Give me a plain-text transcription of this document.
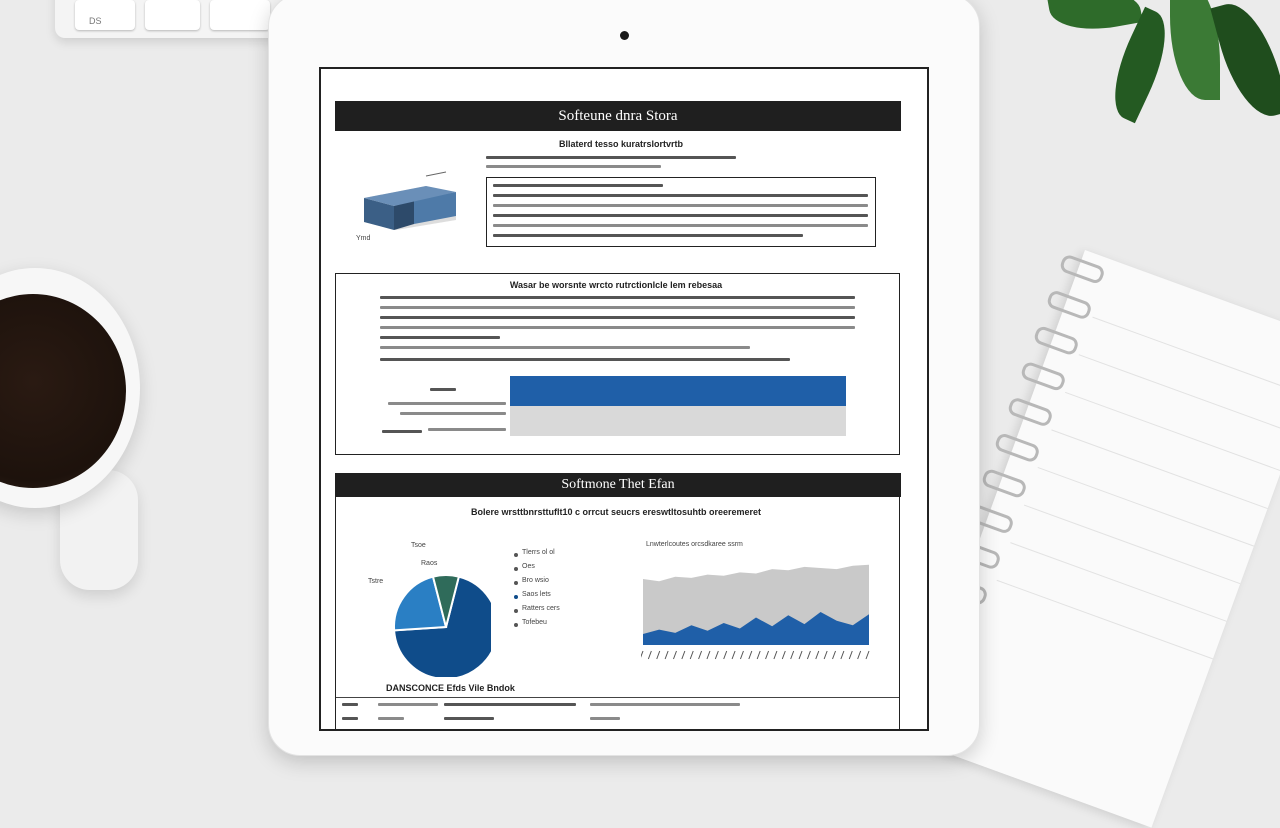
DS
Softeune dnra Stora
Bllaterd tesso kuratrslortvrtb
Ymd
Wasar be worsnte wrcto rutrctionlcle lem rebesaa
Softmone Thet Efan
Bolere wrsttbnrsttuflt10 c orrcut seucrs ereswtltosuhtb oreeremeret
Tsoe
Raos
Tstre
Tlerrs ol ol
Oes
Bro wsio
Saos lets
Ratters cers
Tofebeu
Lnwterlcoutes orcsdkaree ssrm
DANSCONCE Efds Vile Bndok
